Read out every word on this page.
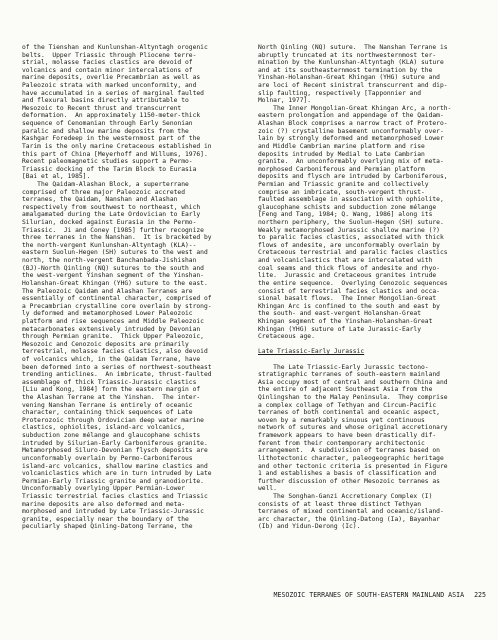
of the Tienshan and Kunlunshan-Altyntagh orogenic
belts.  Upper Triassic through Pliocene terre-
strial, molasse facies clastics are devoid of
volcanics and contain minor intercalations of
marine deposits, overlie Precambrian as well as
Paleozoic strata with marked unconformity, and
have accumulated in a series of marginal faulted
and flexural basins directly attributable to
Mesozoic to Recent thrust and transcurrent
deformation.  An approximately 1150-meter-thick
sequence of Cenomanian through Early Senonian
paralic and shallow marine deposits from the
Kashgar Foredeep in the westernmost part of the
Tarim is the only marine Cretaceous established in
this part of China [Meyerhoff and Willums, 1976].
Recent paleomagnetic studies support a Permo-
Triassic docking of the Tarim Block to Eurasia
[Bai et al, 1985].
The Qaidam-Alashan Block, a superterrane
comprised of three major Paleozoic accreted
terranes, the Qaidam, Nanshan and Alashan
respectively from southwest to northeast, which
amalgamated during the Late Ordovician to Early
Silurian, docked against Eurasia in the Permo-
Triassic.  Ji and Coney [1985] further recognize
three terranes in the Nanshan.  It is bracketed by
the north-vergent Kunlunshan-Altyntagh (KLA)--
eastern Suolun-Hegen (SH) sutures to the west and
north, the north-vergent Banchanbada-Jishishan
(BJ)-North Qinling (NQ) sutures to the south and
the west-vergent Yinshan segment of the Yinshan-
Holanshan-Great Khingan (YHG) suture to the east.
The Paleozoic Qaidam and Alashan Terranes are
essentially of continental character, comprised of
a Precambrian crystalline core overlain by strong-
ly deformed and metamorphosed Lower Paleozoic
platform and rise sequences and Middle Paleozoic
metacarbonates extensively intruded by Devonian
through Permian granite.  Thick Upper Paleozoic,
Mesozoic and Cenozoic deposits are primarily
terrestrial, molasse facies clastics, also devoid
of volcanics which, in the Qaidam Terrane, have
been deformed into a series of northwest-southeast
trending anticlines.  An imbricate, thrust-faulted
assemblage of thick Triassic-Jurassic clastics
[Liu and Kong, 1984] form the eastern margin of
the Alashan Terrane at the Yinshan.  The inter-
vening Nanshan Terrane is entirely of oceanic
character, containing thick sequences of Late
Proterozoic through Ordovician deep water marine
clastics, ophiolites, island-arc volcanics,
subduction zone mélange and glaucophane schists
intruded by Silurian-Early Carboniferous granite.
Metamorphosed Siluro-Devonian flysch deposits are
unconformably overlain by Permo-Carboniferous
island-arc volcanics, shallow marine clastics and
volcaniclastics which are in turn intruded by Late
Permian-Early Triassic granite and granodiorite.
Unconformably overlying Upper Permian-Lower
Triassic terrestrial facies clastics and Triassic
marine deposits are also deformed and meta-
morphosed and intruded by Late Triassic-Jurassic
granite, especially near the boundary of the
peculiarly shaped Qinling-Datong Terrane, the
North Qinling (NQ) suture.  The Nanshan Terrane is
abruptly truncated at its northwesternmost ter-
mination by the Kunlunshan-Altyntagh (KLA) suture
and at its southeasternmost termination by the
Yinshan-Holanshan-Great Khingan (YHG) suture and
are loci of Recent sinistral transcurrent and dip-
slip faulting, respectively [Tapponnier and
Molnar, 1977].
The Inner Mongolian-Great Khingan Arc, a north-
eastern prolongation and appendage of the Qaidam-
Alashan Block comprises a narrow tract of Protero-
zoic (?) crystalline basement unconformably over-
lain by strongly deformed and metamorphosed Lower
and Middle Cambrian marine platform and rise
deposits intruded by Medial to Late Cambrian
granite.  An unconformably overlying mix of meta-
morphosed Carboniferous and Permian platform
deposits and flysch are intruded by Carboniferous,
Permian and Triassic granite and collectively
comprise an imbricate, south-vergent thrust-
faulted assemblage in association with ophiolite,
glaucophane schists and subduction zone mélange
[Feng and Tang, 1984; Q. Wang, 1986] along its
northern periphery, the Suolun-Hegen (SH) suture.
Weakly metamorphosed Jurassic shallow marine (?)
to paralic facies clastics, associated with thick
flows of andesite, are unconformably overlain by
Cretaceous terrestrial and paralic facies clastics
and volcaniclastics that are intercalated with
coal seams and thick flows of andesite and rhyo-
lite.  Jurassic and Cretaceous granites intrude
the entire sequence.  Overlying Cenozoic sequences
consist of terrestrial facies clastics and occa-
sional basalt flows.  The Inner Mongolian-Great
Khingan Arc is confined to the south and east by
the south- and east-vergent Holanshan-Great
Khingan segment of the Yinshan-Holanshan-Great
Khingan (YHG) suture of Late Jurassic-Early
Cretaceous age.

Late Triassic-Early Jurassic

The Late Triassic-Early Jurassic tectono-
stratigraphic terranes of south-eastern mainland
Asia occupy most of central and southern China and
the entire of adjacent Southeast Asia from the
Qinlingshan to the Malay Peninsula.  They comprise
a complex collage of Tethyan and Circum-Pacific
terranes of both continental and oceanic aspect,
woven by a remarkably sinuous yet continuous
network of sutures and whose original accretionary
framework appears to have been drastically dif-
ferent from their contemporary architectonic
arrangement.  A subdivision of terranes based on
lithotectonic character, paleogeographic heritage
and other tectonic criteria is presented in Figure
1 and establishes a basis of classification and
further discussion of other Mesozoic terranes as
well.
The Songhan-Ganzi Accretionary Complex (I)
consists of at least three distinct Tethyan
terranes of mixed continental and oceanic/island-
arc character, the Qinling-Datong (Ia), Bayanhar
(Ib) and Yidun-Derong (Ic).
MESOZOIC TERRANES OF SOUTH-EASTERN MAINLAND ASIA 225
